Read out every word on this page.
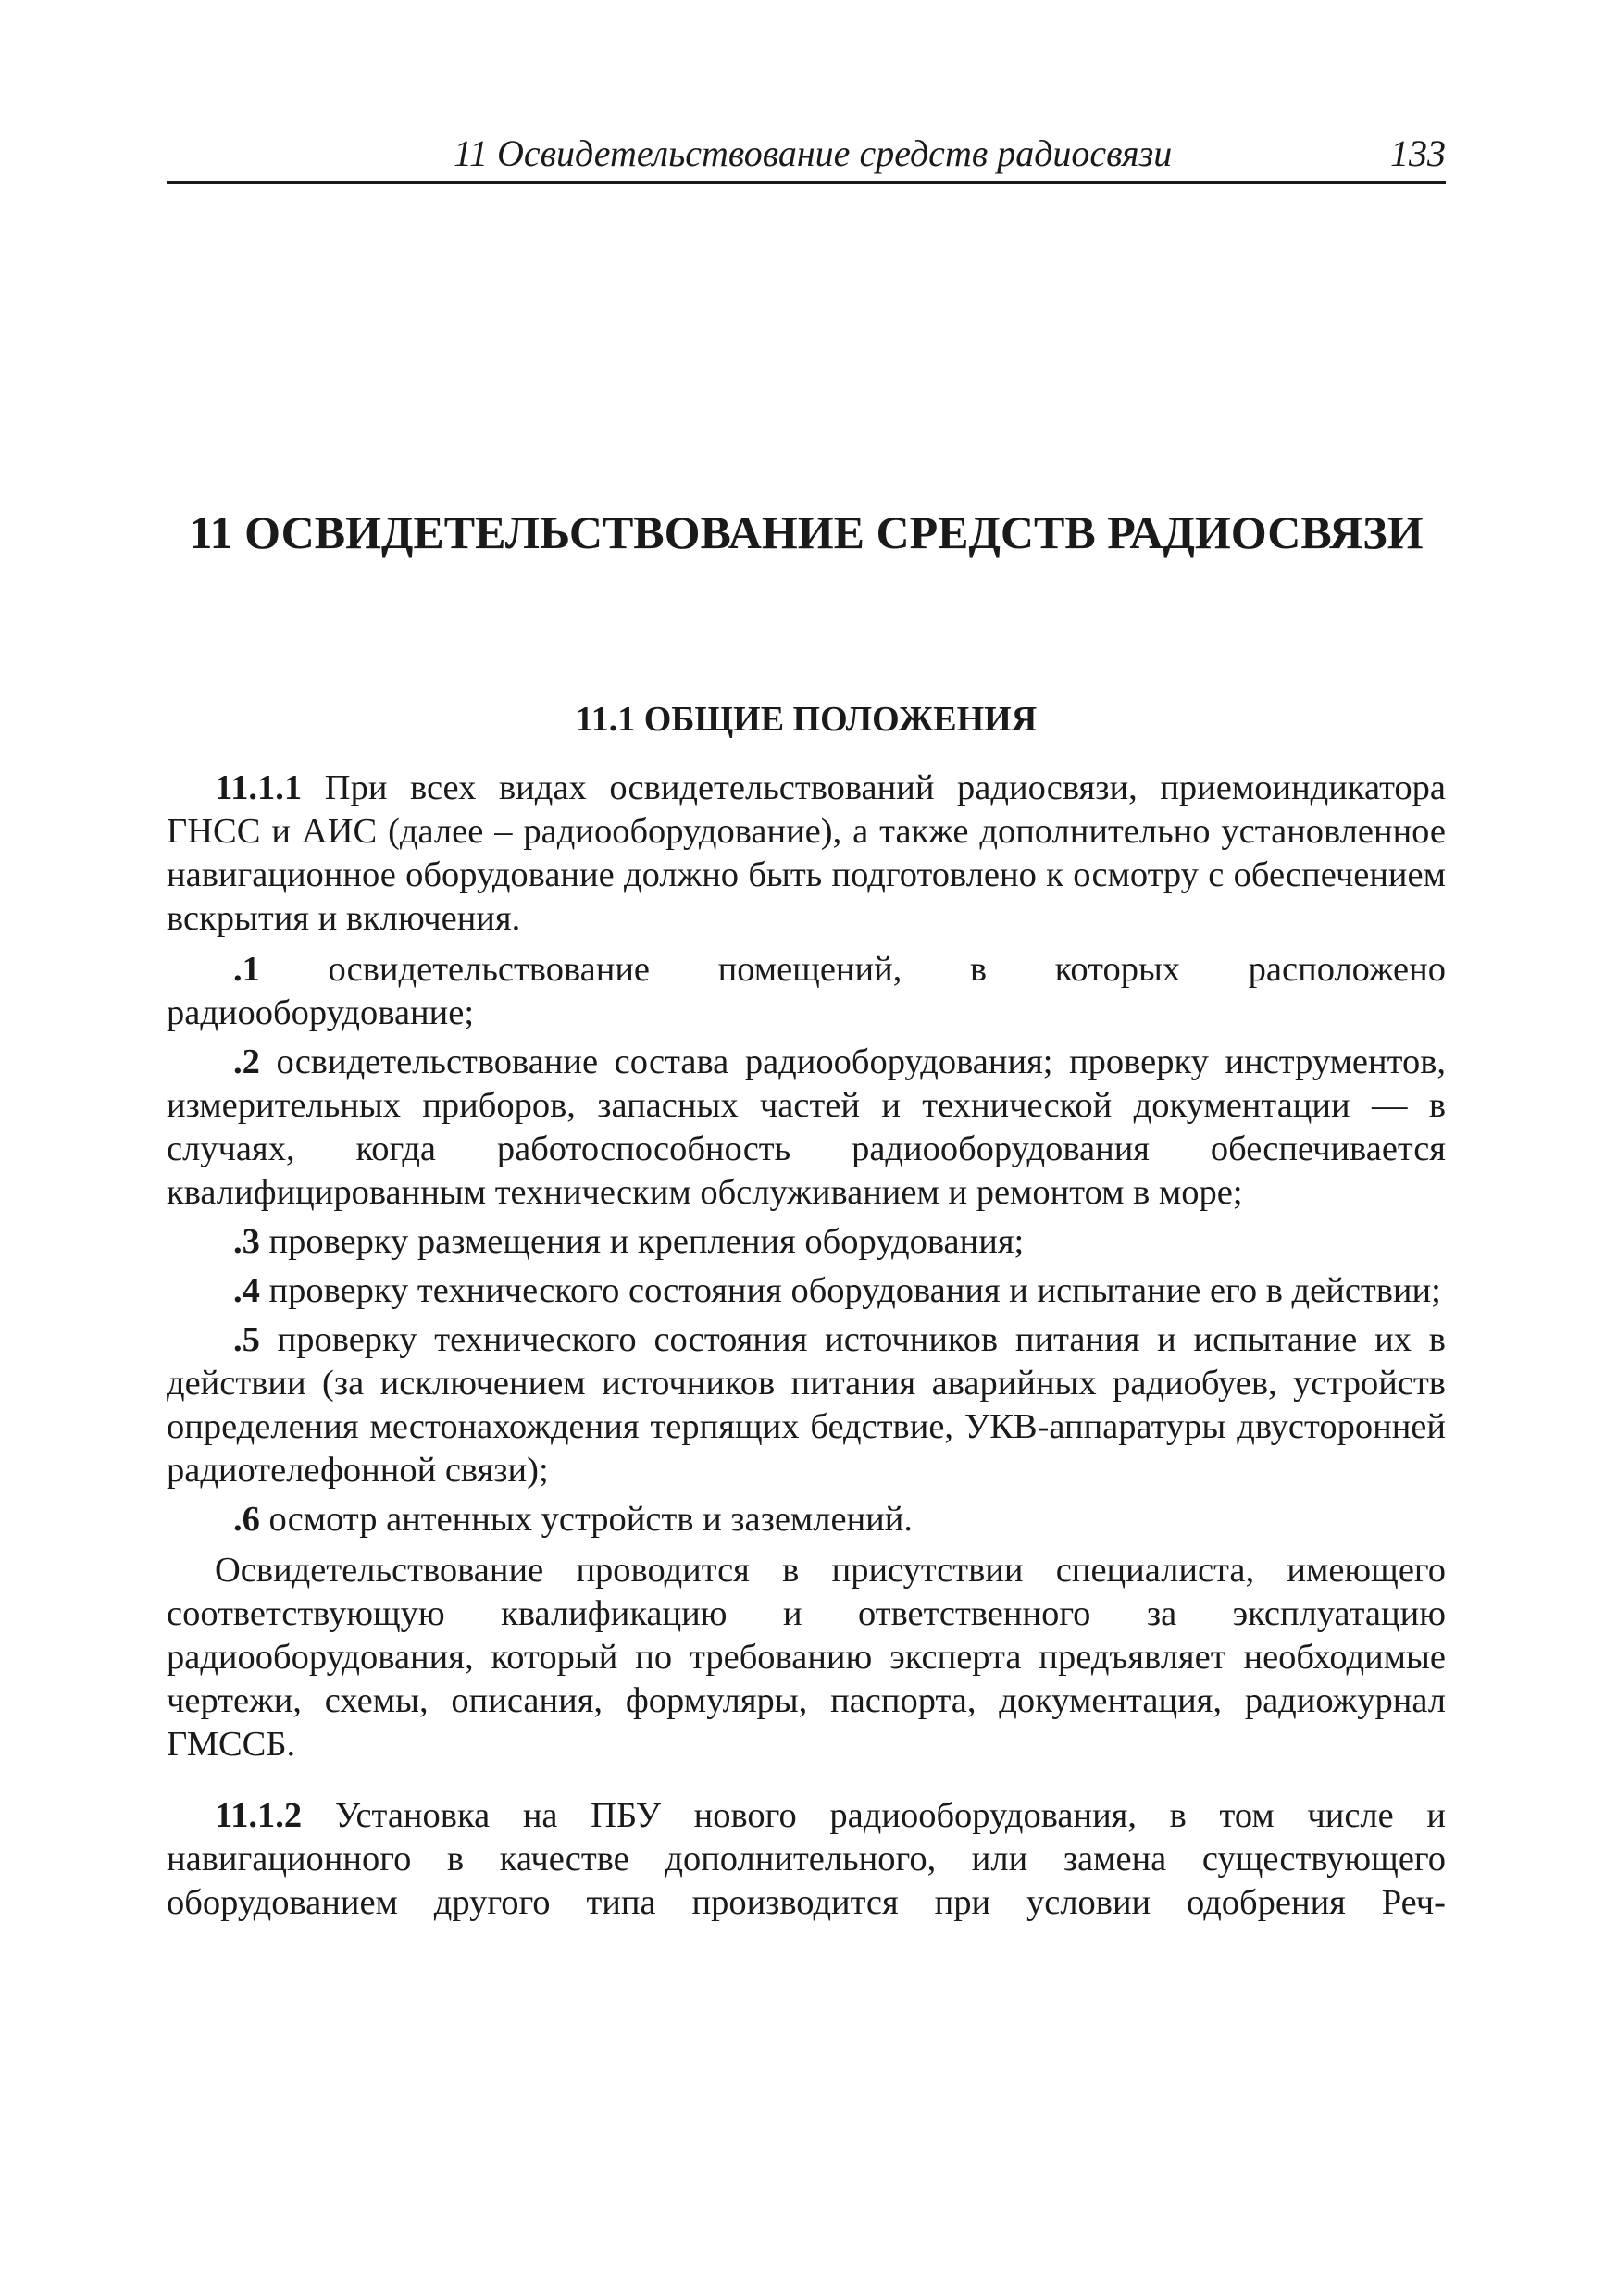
11 Освидетельствование средств радиосвязи	133
11 ОСВИДЕТЕЛЬСТВОВАНИЕ СРЕДСТВ РАДИОСВЯЗИ
11.1 ОБЩИЕ ПОЛОЖЕНИЯ

11.1.1 При всех видах освидетельствований радиосвязи, приемоиндикатора ГНСС и АИС (далее – радиооборудование), а также дополнительно установленное навигационное оборудование должно быть подготовлено к осмотру с обеспечением вскрытия и включения.

.1 освидетельствование помещений, в которых расположено радиооборудование;

.2 освидетельствование состава радиооборудования; проверку инструментов, измерительных приборов, запасных частей и технической документации — в случаях, когда работоспособность радиооборудования обеспечивается квалифицированным техническим обслуживанием и ремонтом в море;

.3 проверку размещения и крепления оборудования;

.4 проверку технического состояния оборудования и испытание его в действии;

.5 проверку технического состояния источников питания и испытание их в действии (за исключением источников питания аварийных радиобуев, устройств определения местонахождения терпящих бедствие, УКВ-аппаратуры двусторонней радиотелефонной связи);

.6 осмотр антенных устройств и заземлений.

Освидетельствование проводится в присутствии специалиста, имеющего соответствующую квалификацию и ответственного за эксплуатацию радиооборудования, который по требованию эксперта предъявляет необходимые чертежи, схемы, описания, формуляры, паспорта, документация, радиожурнал ГМССБ.

11.1.2 Установка на ПБУ нового радиооборудования, в том числе и навигационного в качестве дополнительного, или замена существующего оборудованием другого типа производится при условии одобрения Реч-
